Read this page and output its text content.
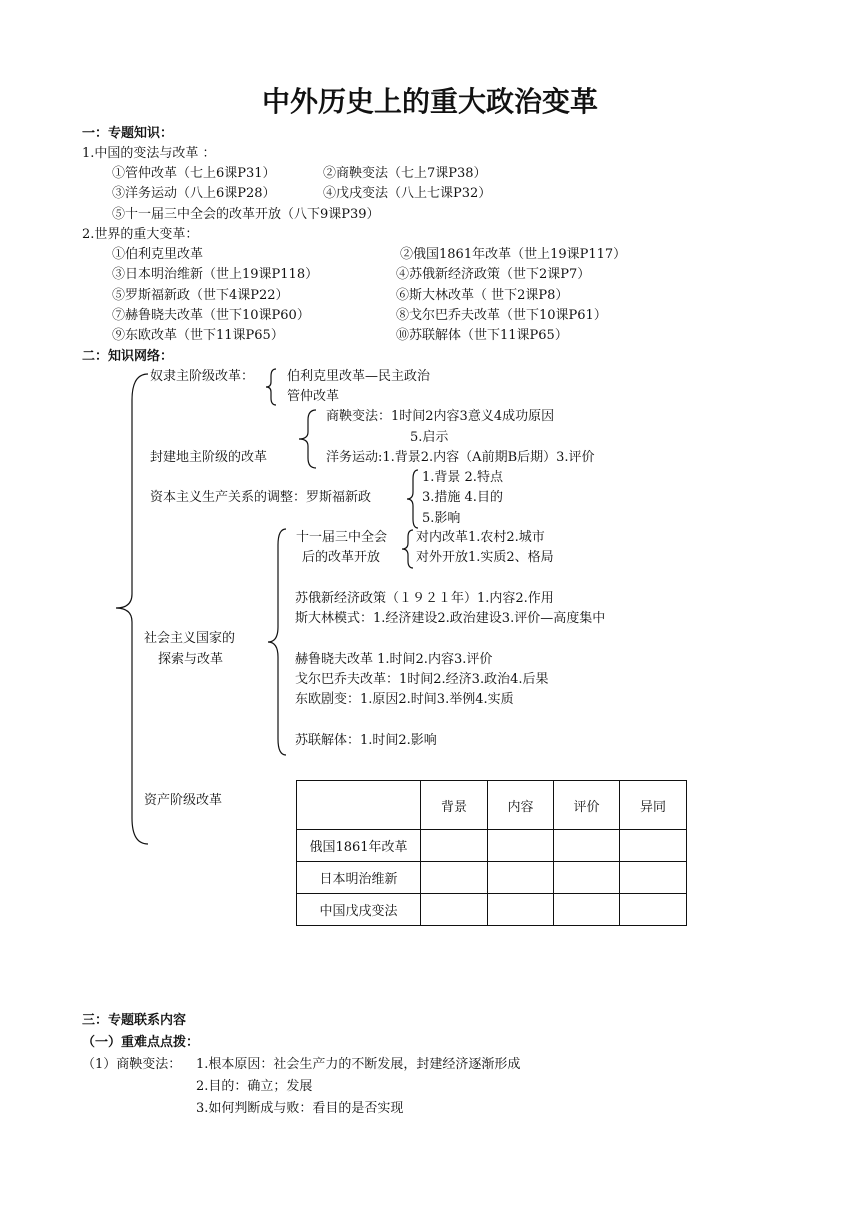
中外历史上的重大政治变革
一：专题知识：
1.中国的变法与改革 ：
①管仲改革（七上6课P31）	②商鞅变法（七上7课P38）
③洋务运动（八上6课P28）	④戊戌变法（八上七课P32）
⑤十一届三中全会的改革开放（八下9课P39）
2.世界的重大变革：
①伯利克里改革	②俄国1861年改革（世上19课P117）
③日本明治维新（世上19课P118）	④苏俄新经济政策（世下2课P7）
⑤罗斯福新政（世下4课P22）	⑥斯大林改革（ 世下2课P8）
⑦赫鲁晓夫改革（世下10课P60）	⑧戈尔巴乔夫改革（世下10课P61）
⑨东欧改革（世下11课P65）	⑩苏联解体（世下11课P65）
二：知识网络：
奴隶主阶级改革：	伯利克里改革—民主政治
管仲改革
封建地主阶级的改革
商鞅变法：1时间2内容3意义4成功原因
5.启示
洋务运动:1.背景2.内容（A前期B后期）3.评价
资本主义生产关系的调整：罗斯福新政
1.背景 2.特点
3.措施 4.目的
5.影响
社会主义国家的
探索与改革
十一届三中全会
后的改革开放
对内改革1.农村2.城市
对外开放1.实质2、格局
苏俄新经济政策（１９２１年）1.内容2.作用
斯大林模式：1.经济建设2.政治建设3.评价—高度集中
赫鲁晓夫改革 1.时间2.内容3.评价
戈尔巴乔夫改革：1时间2.经济3.政治4.后果
东欧剧变：1.原因2.时间3.举例4.实质
苏联解体：1.时间2.影响
资产阶级改革
		背景	内容	评价	异同
俄国1861年改革				
日本明治维新				
中国戊戌变法				
三：专题联系内容
（一）重难点点拨：
（1）商鞅变法： 1.根本原因：社会生产力的不断发展，封建经济逐渐形成
2.目的：确立；发展
3.如何判断成与败：看目的是否实现
